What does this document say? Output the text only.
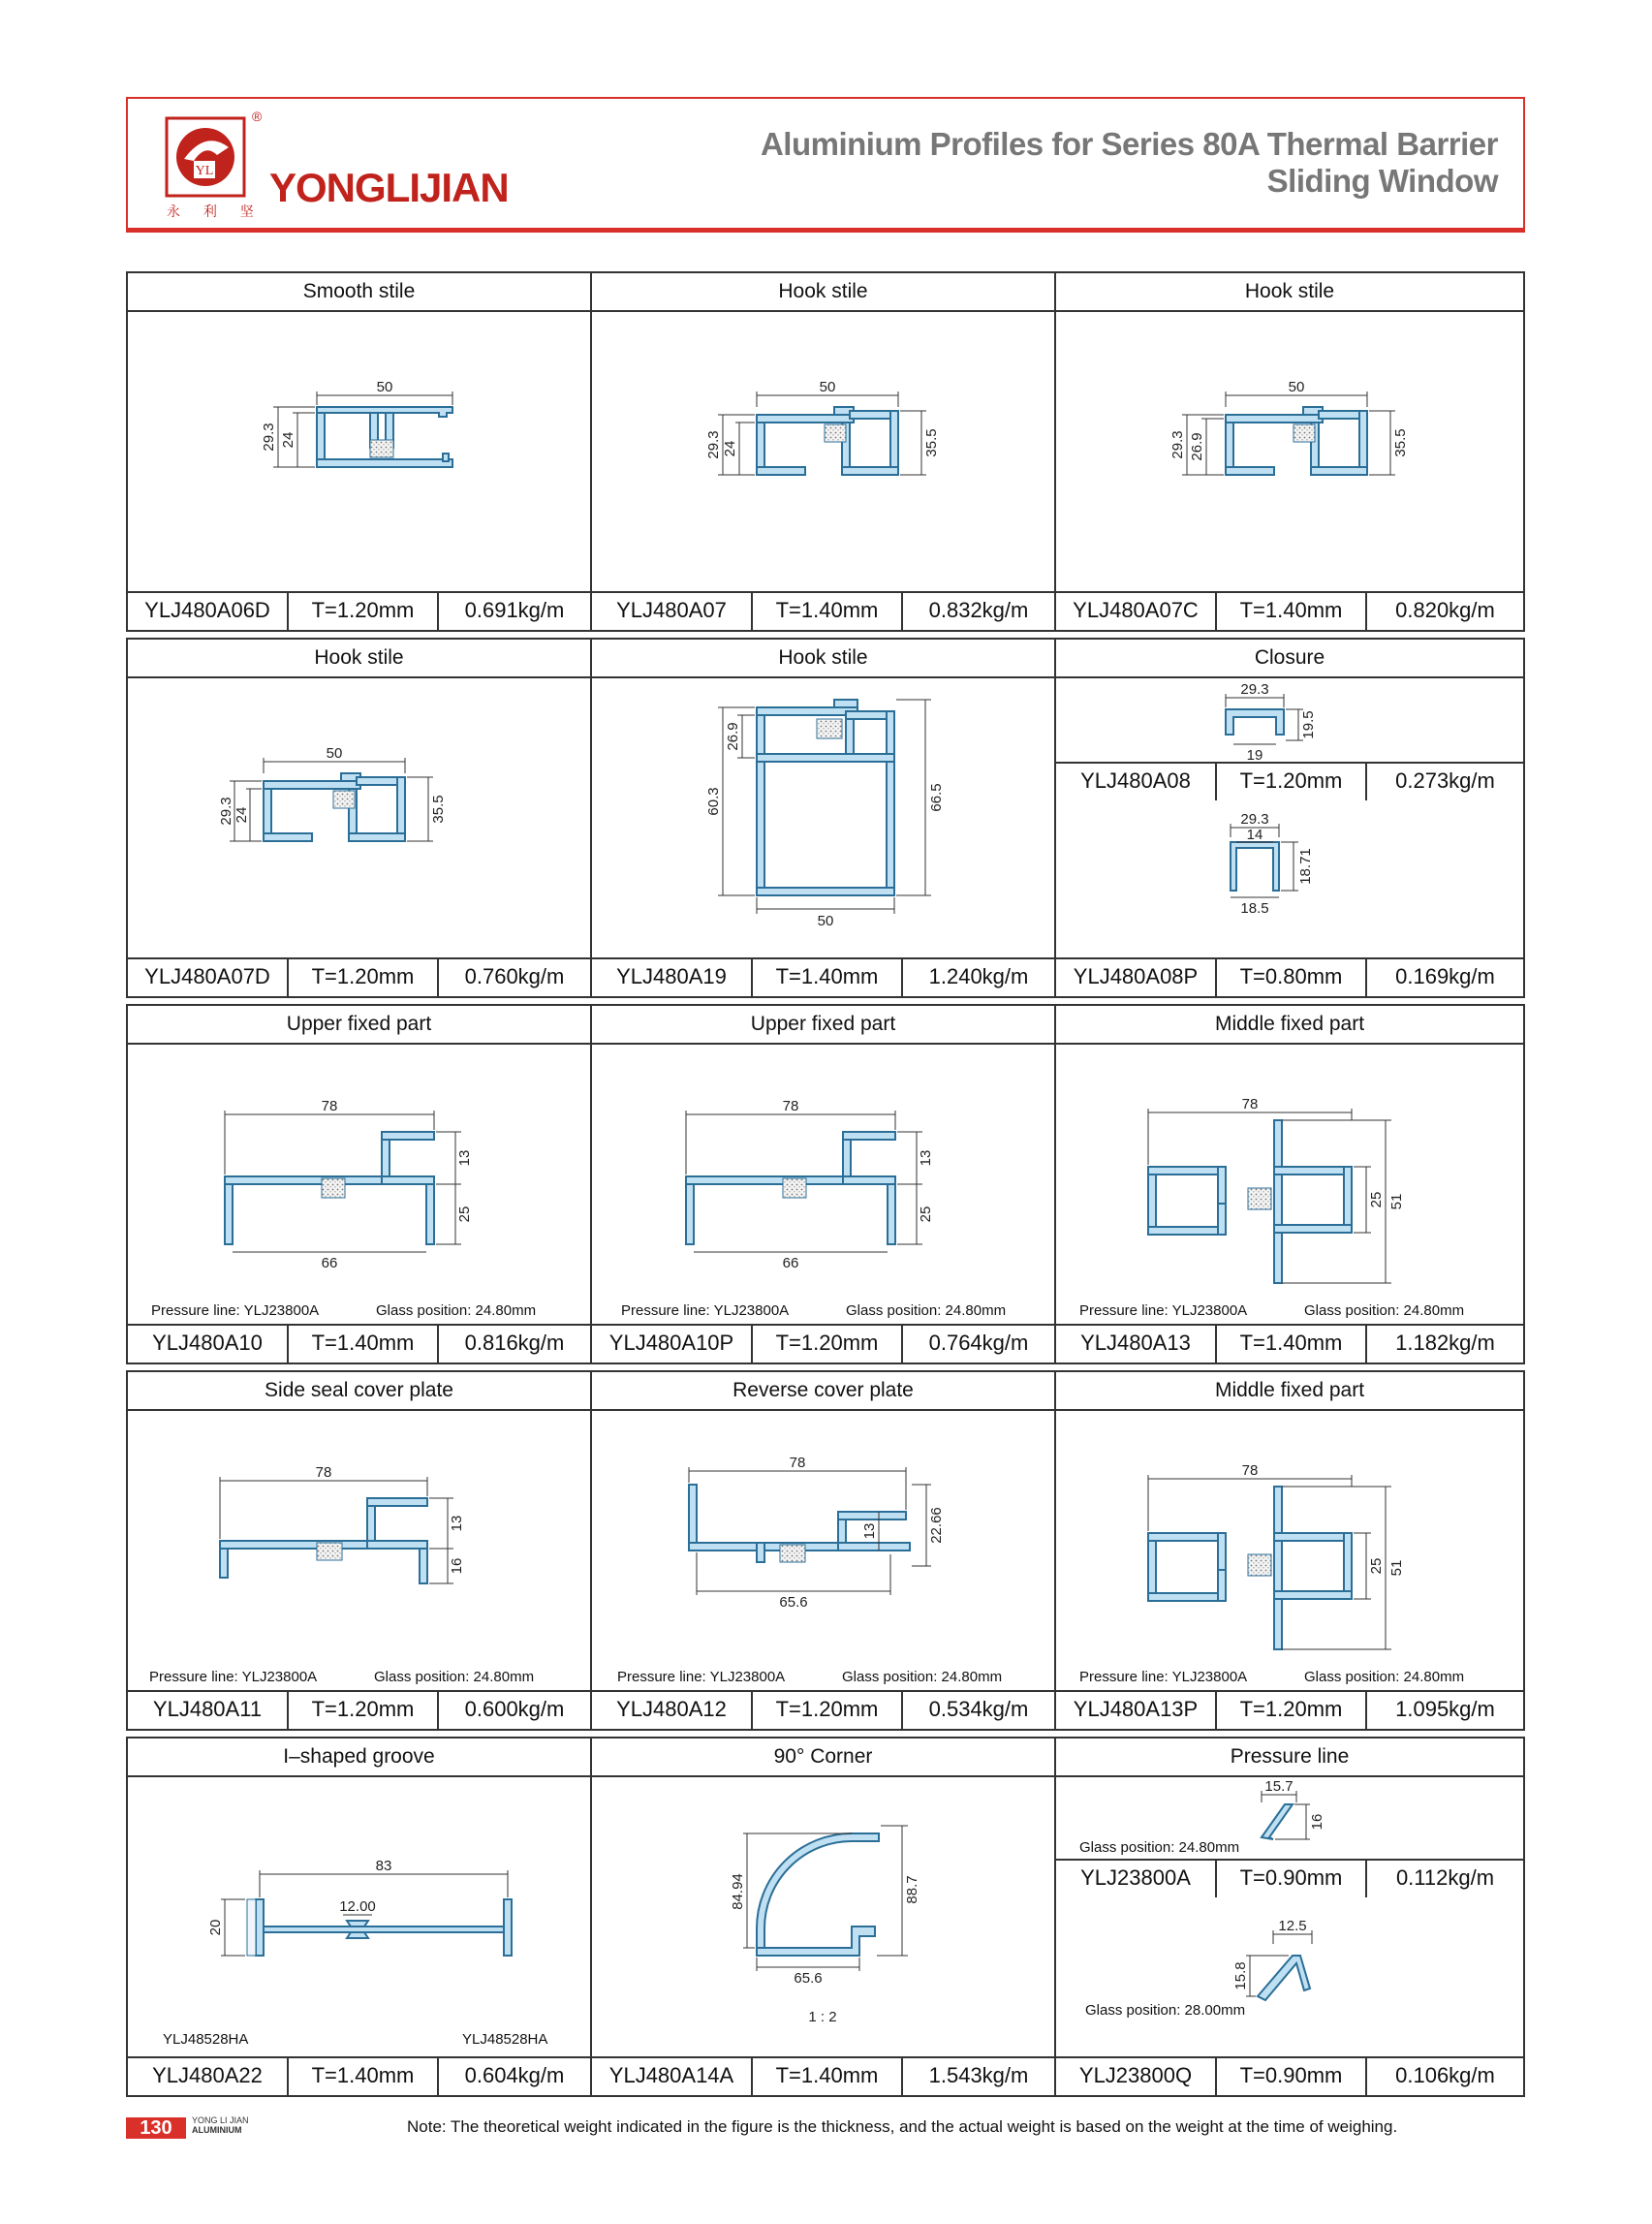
YL
®
永 利 坚
YONGLIJIAN
Aluminium Profiles for Series 80A Thermal Barrier
Sliding Window
Smooth stile
50
29.3 24
YLJ480A06D	T=1.20mm	0.691kg/m
Hook stile
50
29.3 24	35.5
YLJ480A07	T=1.40mm	0.832kg/m
Hook stile
50
29.3 26.9	35.5
YLJ480A07C	T=1.40mm	0.820kg/m
Hook stile
50
29.3 24	35.5
YLJ480A07D	T=1.20mm	0.760kg/m
Hook stile
26.9
60.3	66.5
50
YLJ480A19	T=1.40mm	1.240kg/m
Closure
29.3
19.5
19
YLJ480A08	T=1.20mm	0.273kg/m
29.3
14
18.71
18.5
YLJ480A08P	T=0.80mm	0.169kg/m
Upper fixed part
78
13
25
66
Pressure line: YLJ23800A	Glass position: 24.80mm
YLJ480A10	T=1.40mm	0.816kg/m
Upper fixed part
78
13
25
66
Pressure line: YLJ23800A	Glass position: 24.80mm
YLJ480A10P	T=1.20mm	0.764kg/m
Middle fixed part
78
25 51
Pressure line: YLJ23800A	Glass position: 24.80mm
YLJ480A13	T=1.40mm	1.182kg/m
Side seal cover plate
78
13
16
Pressure line: YLJ23800A	Glass position: 24.80mm
YLJ480A11	T=1.20mm	0.600kg/m
Reverse cover plate
78
13	22.66
65.6
Pressure line: YLJ23800A	Glass position: 24.80mm
YLJ480A12	T=1.20mm	0.534kg/m
Middle fixed part
78
25 51
Pressure line: YLJ23800A	Glass position: 24.80mm
YLJ480A13P	T=1.20mm	1.095kg/m
I–shaped groove
83
12.00
20
YLJ48528HA	YLJ48528HA
YLJ480A22	T=1.40mm	0.604kg/m
90° Corner
84.94	88.7
65.6
1 : 2
YLJ480A14A	T=1.40mm	1.543kg/m
Pressure line
15.7
16
Glass position: 24.80mm
YLJ23800A	T=0.90mm	0.112kg/m
12.5
15.8
Glass position: 28.00mm
YLJ23800Q	T=0.90mm	0.106kg/m
130	YONG LI JIAN
ALUMINIUM	Note: The theoretical weight indicated in the figure is the thickness, and the actual weight is based on the weight at the time of weighing.
